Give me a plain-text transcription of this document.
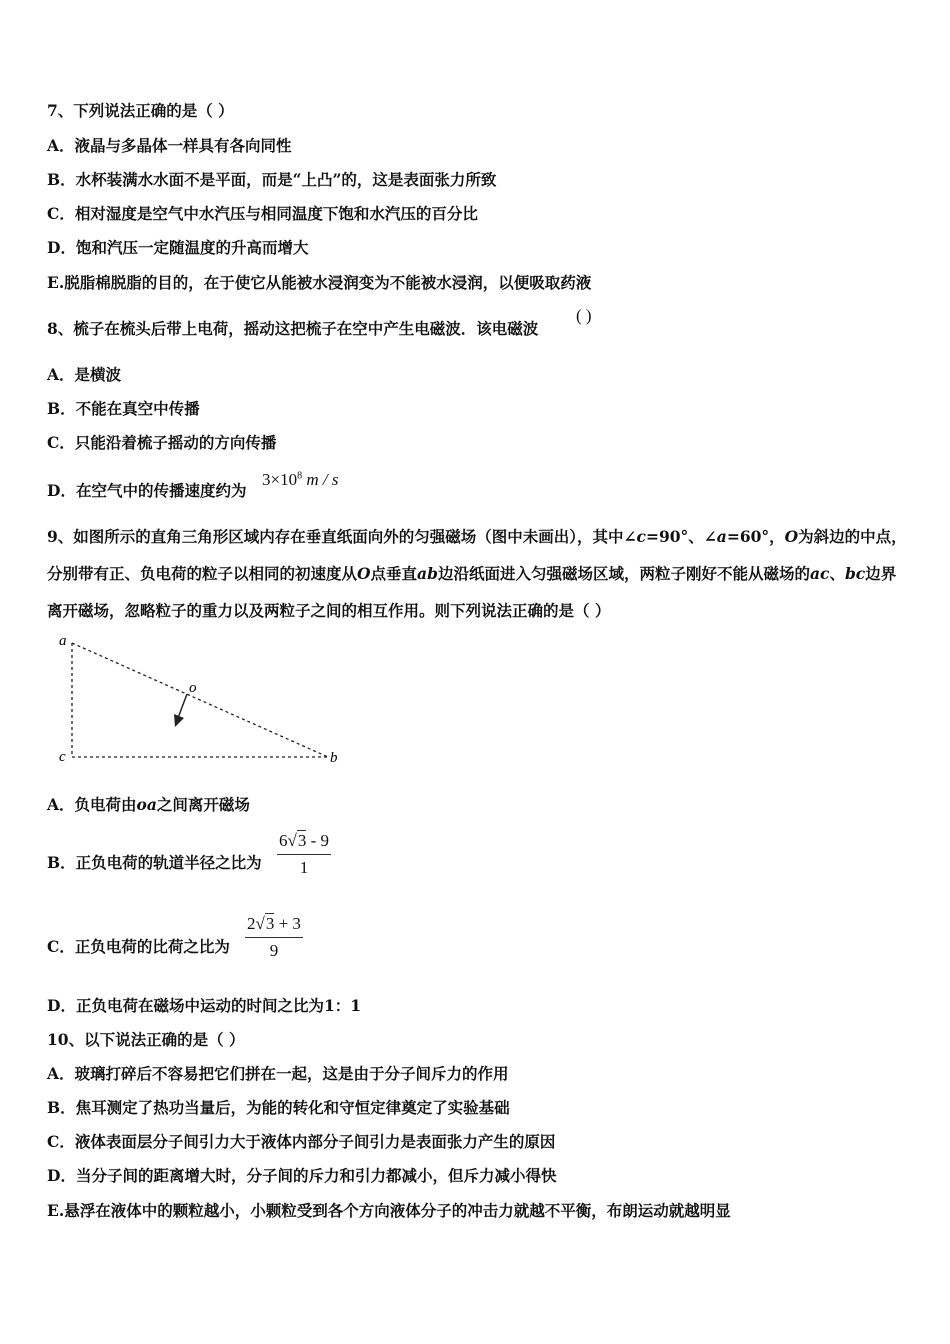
7、下列说法正确的是（ ）
A．液晶与多晶体一样具有各向同性
B．水杯装满水水面不是平面，而是“上凸”的，这是表面张力所致
C．相对湿度是空气中水汽压与相同温度下饱和水汽压的百分比
D．饱和汽压一定随温度的升高而增大
E.脱脂棉脱脂的目的，在于使它从能被水浸润变为不能被水浸润，以便吸取药液
8、梳子在梳头后带上电荷，摇动这把梳子在空中产生电磁波．该电磁波
( )
A．是横波
B．不能在真空中传播
C．只能沿着梳子摇动的方向传播
D．在空气中的传播速度约为
$3\times 10^8$ m / s
9、如图所示的直角三角形区域内存在垂直纸面向外的匀强磁场（图中未画出），其中∠c=90°、∠a=60°，O为斜边的中点，分别带有正、负电荷的粒子以相同的初速度从O点垂直ab边沿纸面进入匀强磁场区域，两粒子刚好不能从磁场的ac、bc边界离开磁场，忽略粒子的重力以及两粒子之间的相互作用。则下列说法正确的是（ ）
a
c	b
o
A．负电荷由oa之间离开磁场
B．正负电荷的轨道半径之比为 $\frac{6√3 - 9}{1}$
C．正负电荷的比荷之比为 $\frac{2√3 + 3}{9}$
D．正负电荷在磁场中运动的时间之比为1：1
10、以下说法正确的是（ ）
A．玻璃打碎后不容易把它们拼在一起，这是由于分子间斥力的作用
B．焦耳测定了热功当量后，为能的转化和守恒定律奠定了实验基础
C．液体表面层分子间引力大于液体内部分子间引力是表面张力产生的原因
D．当分子间的距离增大时，分子间的斥力和引力都减小，但斥力减小得快
E.悬浮在液体中的颗粒越小，小颗粒受到各个方向液体分子的冲击力就越不平衡，布朗运动就越明显
